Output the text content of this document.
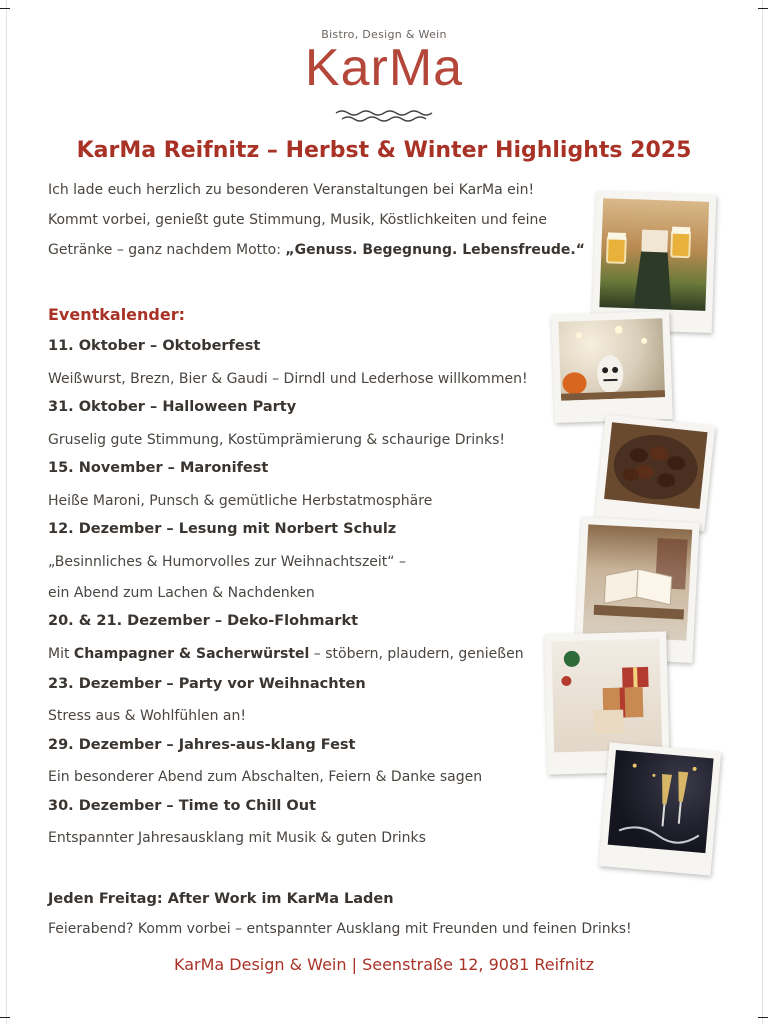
Bistro, Design & Wein
KarMa
KarMa Reifnitz – Herbst & Winter Highlights 2025
Ich lade euch herzlich zu besonderen Veranstaltungen bei KarMa ein!
Kommt vorbei, genießt gute Stimmung, Musik, Köstlichkeiten und feine
Getränke – ganz nachdem Motto: „Genuss. Begegnung. Lebensfreude.“
Eventkalender:
11. Oktober – Oktoberfest
Weißwurst, Brezn, Bier & Gaudi – Dirndl und Lederhose willkommen!
31. Oktober – Halloween Party
Gruselig gute Stimmung, Kostümprämierung & schaurige Drinks!
15. November – Maronifest
Heiße Maroni, Punsch & gemütliche Herbstatmosphäre
12. Dezember – Lesung mit Norbert Schulz
„Besinnliches & Humorvolles zur Weihnachtszeit“ –
ein Abend zum Lachen & Nachdenken
20. & 21. Dezember – Deko-Flohmarkt
Mit Champagner & Sacherwürstel – stöbern, plaudern, genießen
23. Dezember – Party vor Weihnachten
Stress aus & Wohlfühlen an!
29. Dezember – Jahres-aus-klang Fest
Ein besonderer Abend zum Abschalten, Feiern & Danke sagen
30. Dezember – Time to Chill Out
Entspannter Jahresausklang mit Musik & guten Drinks
Jeden Freitag: After Work im KarMa Laden
Feierabend? Komm vorbei – entspannter Ausklang mit Freunden und feinen Drinks!
KarMa Design & Wein | Seenstraße 12, 9081 Reifnitz
